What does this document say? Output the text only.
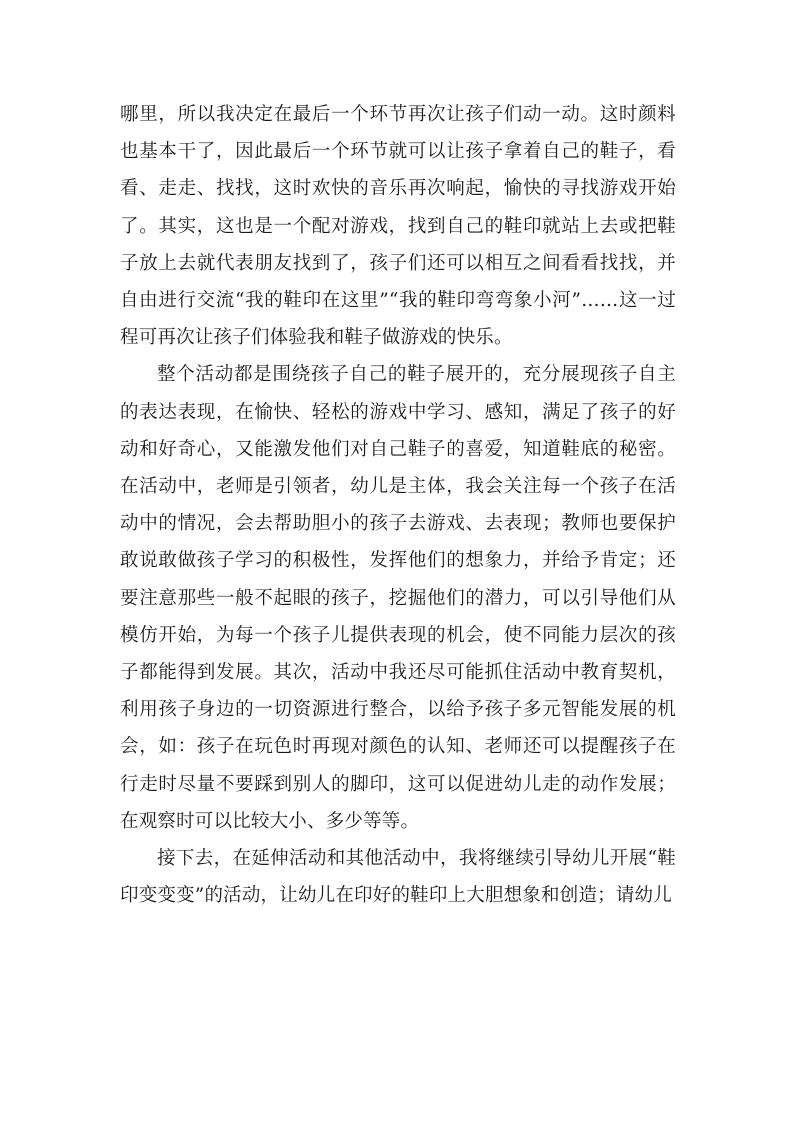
哪里，所以我决定在最后一个环节再次让孩子们动一动。这时颜料也基本干了，因此最后一个环节就可以让孩子拿着自己的鞋子，看看、走走、找找，这时欢快的音乐再次响起，愉快的寻找游戏开始了。其实，这也是一个配对游戏，找到自己的鞋印就站上去或把鞋子放上去就代表朋友找到了，孩子们还可以相互之间看看找找，并自由进行交流“我的鞋印在这里”“我的鞋印弯弯象小河”……这一过程可再次让孩子们体验我和鞋子做游戏的快乐。

整个活动都是围绕孩子自己的鞋子展开的，充分展现孩子自主的表达表现，在愉快、轻松的游戏中学习、感知，满足了孩子的好动和好奇心，又能激发他们对自己鞋子的喜爱，知道鞋底的秘密。在活动中，老师是引领者，幼儿是主体，我会关注每一个孩子在活动中的情况，会去帮助胆小的孩子去游戏、去表现；教师也要保护敢说敢做孩子学习的积极性，发挥他们的想象力，并给予肯定；还要注意那些一般不起眼的孩子，挖掘他们的潜力，可以引导他们从模仿开始，为每一个孩子儿提供表现的机会，使不同能力层次的孩子都能得到发展。其次，活动中我还尽可能抓住活动中教育契机，利用孩子身边的一切资源进行整合，以给予孩子多元智能发展的机会，如：孩子在玩色时再现对颜色的认知、老师还可以提醒孩子在行走时尽量不要踩到别人的脚印，这可以促进幼儿走的动作发展；在观察时可以比较大小、多少等等。

接下去，在延伸活动和其他活动中，我将继续引导幼儿开展“鞋印变变变”的活动，让幼儿在印好的鞋印上大胆想象和创造；请幼儿
